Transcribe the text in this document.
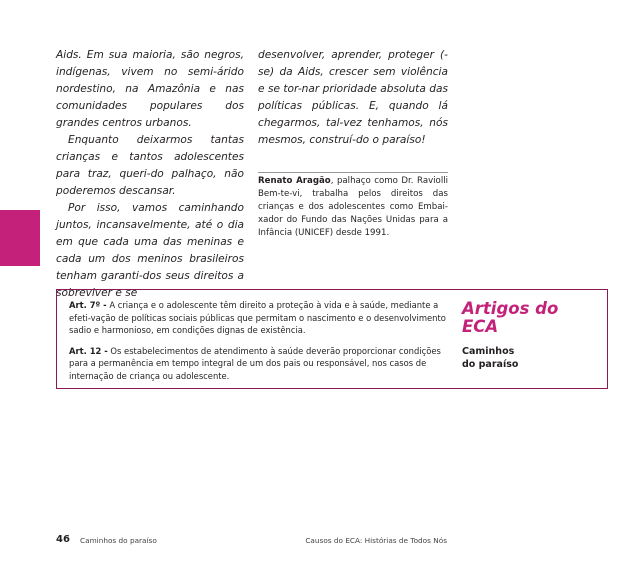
Aids. Em sua maioria, são negros, indígenas, vivem no semi-árido nordestino, na Amazônia e nas comunidades populares dos grandes centros urbanos.

Enquanto deixarmos tantas crianças e tantos adolescentes para traz, queri-do palhaço, não poderemos descansar.

Por isso, vamos caminhando juntos, incansavelmente, até o dia em que cada uma das meninas e cada um dos meninos brasileiros tenham garanti-dos seus direitos a sobreviver e se

desenvolver, aprender, proteger (-se) da Aids, crescer sem violência e se tor-nar prioridade absoluta das políticas públicas. E, quando lá chegarmos, tal-vez tenhamos, nós mesmos, construí-do o paraíso!

Renato Aragão, palhaço como Dr. Raviolli Bem-te-vi, trabalha pelos direitos das crianças e dos adolescentes como Embai-xador do Fundo das Nações Unidas para a Infância (UNICEF) desde 1991.

Art. 7º - A criança e o adolescente têm direito a proteção à vida e à saúde, mediante a efeti-vação de políticas sociais públicas que permitam o nascimento e o desenvolvimento sadio e harmonioso, em condições dignas de existência.

Art. 12 - Os estabelecimentos de atendimento à saúde deverão proporcionar condições para a permanência em tempo integral de um dos pais ou responsável, nos casos de internação de criança ou adolescente.

Artigos do
ECA

Caminhos
do paraíso
46 Caminhos do paraíso	Causos do ECA: Histórias de Todos Nós
